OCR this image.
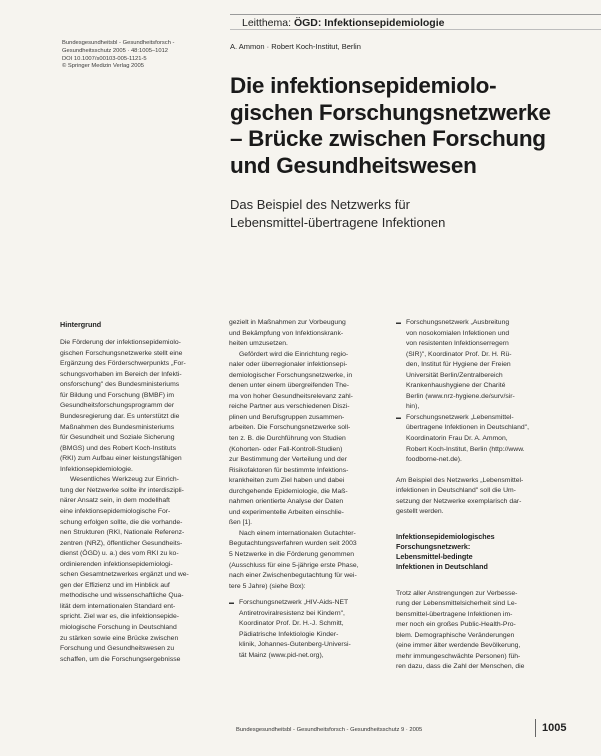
Leitthema: ÖGD: Infektionsepidemiologie
Bundesgesundheitsbl - Gesundheitsforsch -
Gesundheitsschutz 2005 · 48:1005–1012
DOI 10.1007/s00103-005-1121-5
© Springer Medizin Verlag 2005
A. Ammon · Robert Koch-Institut, Berlin
Die infektionsepidemiolo-
gischen Forschungsnetzwerke
– Brücke zwischen Forschung
und Gesundheitswesen
Das Beispiel des Netzwerks für
Lebensmittel-übertragene Infektionen
Hintergrund
Die Förderung der infektionsepidemiolo-
gischen Forschungsnetzwerke stellt eine
Ergänzung des Förderschwerpunkts „For-
schungsvorhaben im Bereich der Infekti-
onsforschung" des Bundesministeriums
für Bildung und Forschung (BMBF) im
Gesundheitsforschungsprogramm der
Bundesregierung dar. Es unterstützt die
Maßnahmen des Bundesministeriums
für Gesundheit und Soziale Sicherung
(BMGS) und des Robert Koch-Instituts
(RKI) zum Aufbau einer leistungsfähigen
Infektionsepidemiologie.
Wesentliches Werkzeug zur Einrich-
tung der Netzwerke sollte ihr interdiszipli-
närer Ansatz sein, in dem modellhaft
eine infektionsepidemiologische For-
schung erfolgen sollte, die die vorhande-
nen Strukturen (RKI, Nationale Referenz-
zentren (NRZ), öffentlicher Gesundheits-
dienst (ÖGD) u. a.) des vom RKI zu ko-
ordinierenden infektionsepidemiologi-
schen Gesamtnetzwerkes ergänzt und we-
gen der Effizienz und im Hinblick auf
methodische und wissenschaftliche Qua-
lität dem internationalen Standard ent-
spricht. Ziel war es, die infektionsepide-
miologische Forschung in Deutschland
zu stärken sowie eine Brücke zwischen
Forschung und Gesundheitswesen zu
schaffen, um die Forschungsergebnisse
gezielt in Maßnahmen zur Vorbeugung
und Bekämpfung von Infektionskrank-
heiten umzusetzen.
Gefördert wird die Einrichtung regio-
naler oder überregionaler infektionsepi-
demiologischer Forschungsnetzwerke, in
denen unter einem übergreifenden The-
ma von hoher Gesundheitsrelevanz zahl-
reiche Partner aus verschiedenen Diszi-
plinen und Berufsgruppen zusammen-
arbeiten. Die Forschungsnetzwerke soll-
ten z. B. die Durchführung von Studien
(Kohorten- oder Fall-Kontroll-Studien)
zur Bestimmung der Verteilung und der
Risikofaktoren für bestimmte Infektions-
krankheiten zum Ziel haben und dabei
durchgehende Epidemiologie, die Maß-
nahmen orientierte Analyse der Daten
und experimentelle Arbeiten einschlie-
ßen [1].
Nach einem internationalen Gutachter-
Begutachtungsverfahren wurden seit 2003
5 Netzwerke in die Förderung genommen
(Ausschluss für eine 5-jährige erste Phase,
nach einer Zwischenbegutachtung für wei-
tere 5 Jahre) (siehe Box):
▬ Forschungsnetzwerk „HIV-Aids-NET
Antiretroviralresistenz bei Kindern",
Koordinator Prof. Dr. H.-J. Schmitt,
Pädiatrische Infektiologie Kinder-
klinik, Johannes-Gutenberg-Universi-
tät Mainz (www.pid-net.org),
▬ Forschungsnetzwerk „Ausbreitung
von nosokomialen Infektionen und
von resistenten Infektionserregern
(SIR)", Koordinator Prof. Dr. H. Rü-
den, Institut für Hygiene der Freien
Universität Berlin/Zentralbereich
Krankenhaushygiene der Charité
Berlin (www.nrz-hygiene.de/surv/sir-
hin),
▬ Forschungsnetzwerk „Lebensmittel-
übertragene Infektionen in Deutschland",
Koordinatorin Frau Dr. A. Ammon,
Robert Koch-Institut, Berlin (http://www.
foodborne-net.de).
Am Beispiel des Netzwerks „Lebensmittel-
infektionen in Deutschland" soll die Um-
setzung der Netzwerke exemplarisch dar-
gestellt werden.
Infektionsepidemiologisches
Forschungsnetzwerk:
Lebensmittel-bedingte
Infektionen in Deutschland
Trotz aller Anstrengungen zur Verbesse-
rung der Lebensmittelsicherheit sind Le-
bensmittel-übertragene Infektionen im-
mer noch ein großes Public-Health-Pro-
blem. Demographische Veränderungen
(eine immer älter werdende Bevölkerung,
mehr immungeschwächte Personen) füh-
ren dazu, dass die Zahl der Menschen, die
Bundesgesundheitsbl - Gesundheitsforsch - Gesundheitsschutz 9 · 2005	1005
